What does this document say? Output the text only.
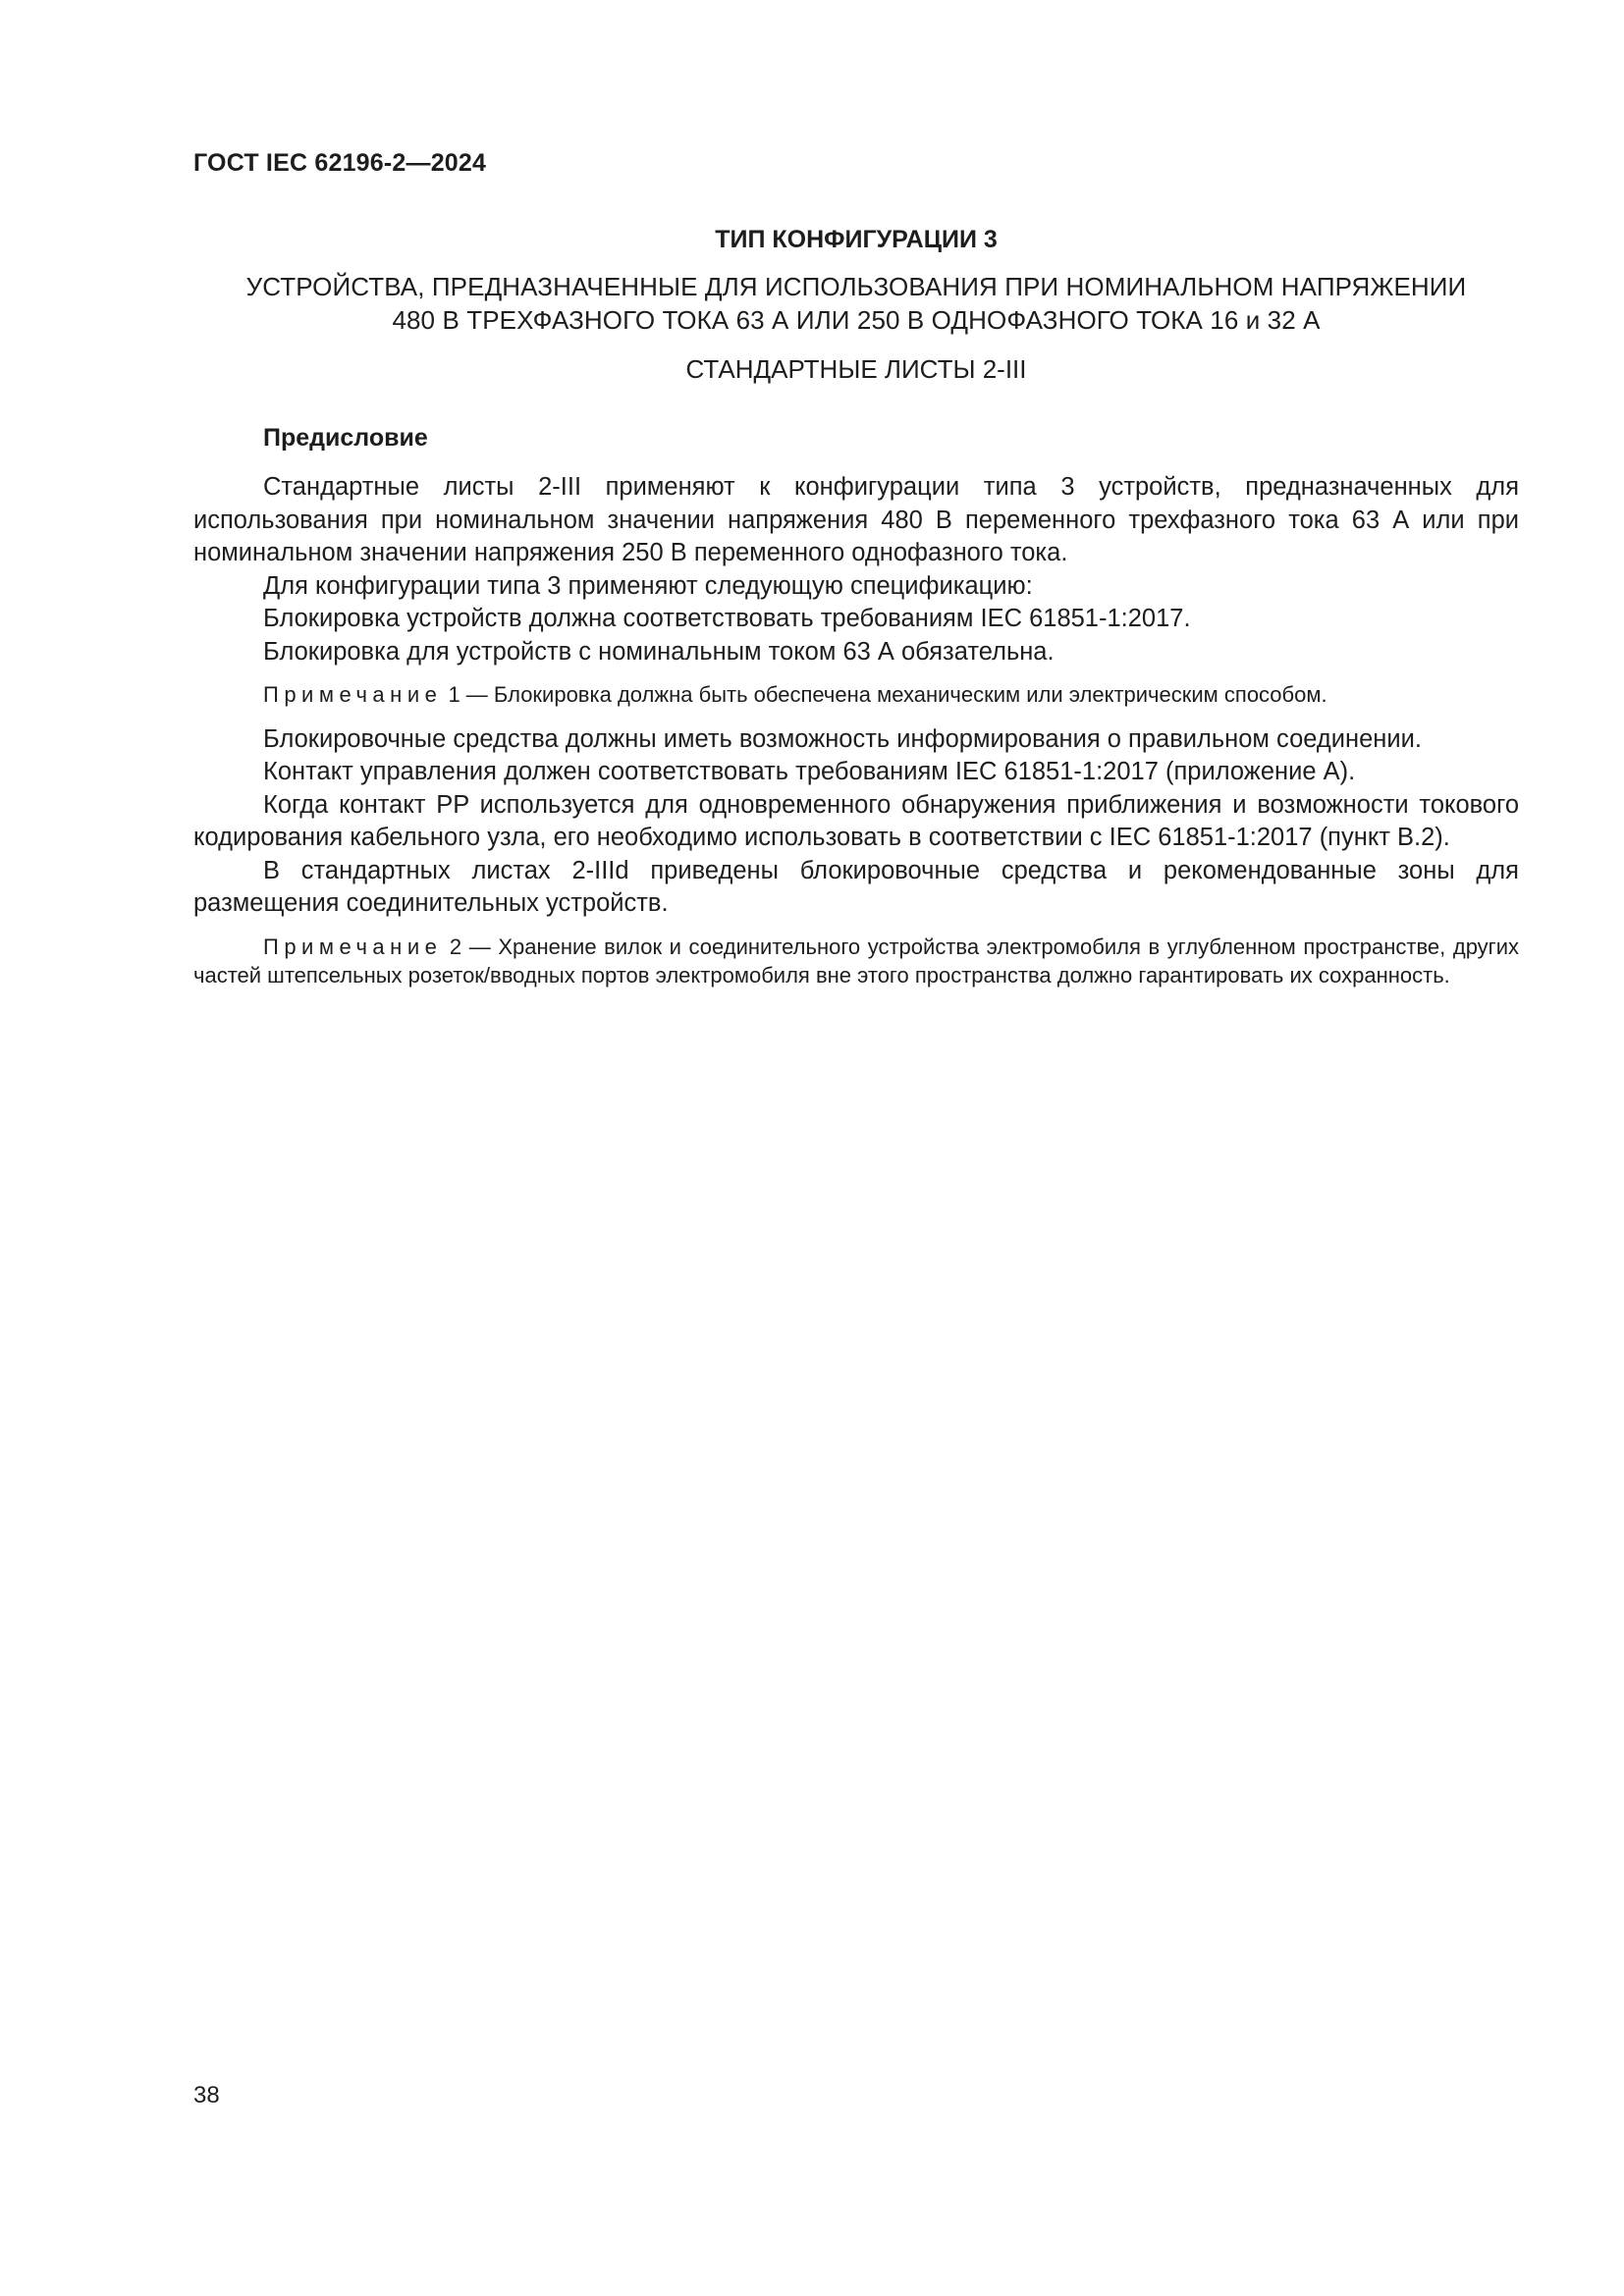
ГОСТ IEC 62196-2—2024
ТИП КОНФИГУРАЦИИ 3
УСТРОЙСТВА, ПРЕДНАЗНАЧЕННЫЕ ДЛЯ ИСПОЛЬЗОВАНИЯ ПРИ НОМИНАЛЬНОМ НАПРЯЖЕНИИ
480 В ТРЕХФАЗНОГО ТОКА 63 А ИЛИ 250 В ОДНОФАЗНОГО ТОКА 16 и 32 А
СТАНДАРТНЫЕ ЛИСТЫ 2-III
Предисловие

Стандартные листы 2-III применяют к конфигурации типа 3 устройств, предназначенных для использования при номинальном значении напряжения 480 В переменного трехфазного тока 63 А или при номинальном значении напряжения 250 В переменного однофазного тока.

Для конфигурации типа 3 применяют следующую спецификацию:

Блокировка устройств должна соответствовать требованиям IEC 61851-1:2017.

Блокировка для устройств с номинальным током 63 А обязательна.

Примечание 1 — Блокировка должна быть обеспечена механическим или электрическим способом.

Блокировочные средства должны иметь возможность информирования о правильном соединении.

Контакт управления должен соответствовать требованиям IEC 61851-1:2017 (приложение А).

Когда контакт PP используется для одновременного обнаружения приближения и возможности токового кодирования кабельного узла, его необходимо использовать в соответствии с IEC 61851-1:2017 (пункт B.2).

В стандартных листах 2-IIId приведены блокировочные средства и рекомендованные зоны для размещения соединительных устройств.

Примечание 2 — Хранение вилок и соединительного устройства электромобиля в углубленном пространстве, других частей штепсельных розеток/вводных портов электромобиля вне этого пространства должно гарантировать их сохранность.

38
